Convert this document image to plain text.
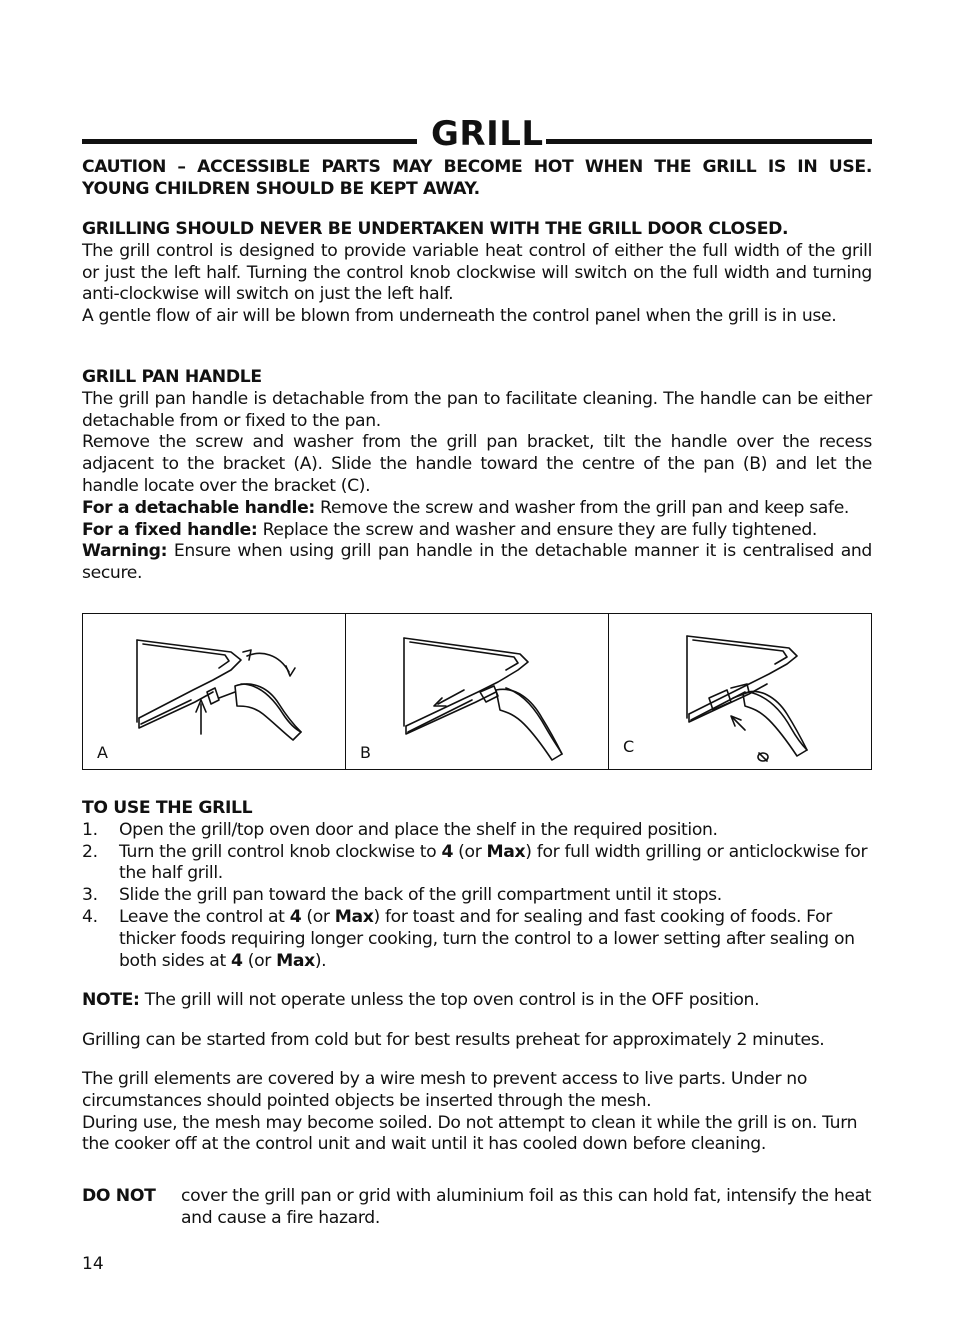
GRILL
CAUTION – ACCESSIBLE PARTS MAY BECOME HOT WHEN THE GRILL IS IN USE. YOUNG CHILDREN SHOULD BE KEPT AWAY.
GRILLING SHOULD NEVER BE UNDERTAKEN WITH THE GRILL DOOR CLOSED.
The grill control is designed to provide variable heat control of either the full width of the grill or just the left half. Turning the control knob clockwise will switch on the full width and turning anti-clockwise will switch on just the left half.
A gentle flow of air will be blown from underneath the control panel when the grill is in use.
GRILL PAN HANDLE
The grill pan handle is detachable from the pan to facilitate cleaning. The handle can be either detachable from or fixed to the pan.
Remove the screw and washer from the grill pan bracket, tilt the handle over the recess adjacent to the bracket (A). Slide the handle toward the centre of the pan (B) and let the handle locate over the bracket (C).
For a detachable handle: Remove the screw and washer from the grill pan and keep safe.
For a fixed handle: Replace the screw and washer and ensure they are fully tightened.
Warning: Ensure when using grill pan handle in the detachable manner it is centralised and secure.
A	B	C
TO USE THE GRILL
1. Open the grill/top oven door and place the shelf in the required position.
2. Turn the grill control knob clockwise to 4 (or Max) for full width grilling or anticlockwise for the half grill.
3. Slide the grill pan toward the back of the grill compartment until it stops.
4. Leave the control at 4 (or Max) for toast and for sealing and fast cooking of foods. For thicker foods requiring longer cooking, turn the control to a lower setting after sealing on both sides at 4 (or Max).
NOTE: The grill will not operate unless the top oven control is in the OFF position.
Grilling can be started from cold but for best results preheat for approximately 2 minutes.
The grill elements are covered by a wire mesh to prevent access to live parts. Under no circumstances should pointed objects be inserted through the mesh.
During use, the mesh may become soiled. Do not attempt to clean it while the grill is on. Turn the cooker off at the control unit and wait until it has cooled down before cleaning.
DO NOT cover the grill pan or grid with aluminium foil as this can hold fat, intensify the heat and cause a fire hazard.
14
